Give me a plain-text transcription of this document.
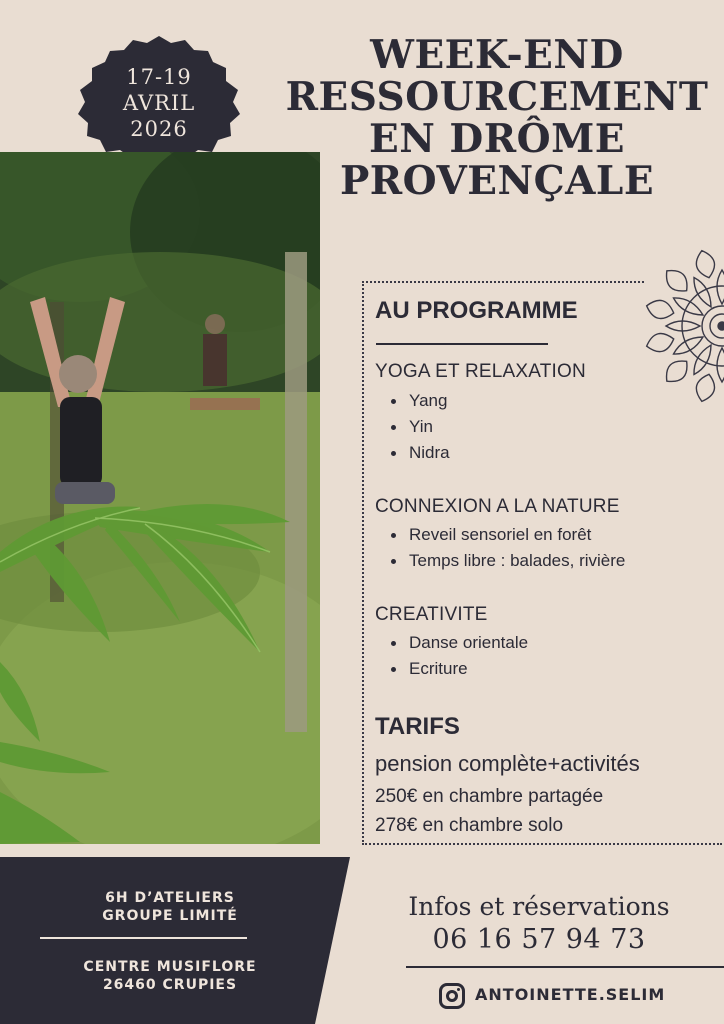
17-19
AVRIL
2026
WEEK-END
RESSOURCEMENT
EN DRÔME
PROVENÇALE
AU PROGRAMME
YOGA ET RELAXATION
Yang
Yin
Nidra
CONNEXION A LA NATURE
Reveil sensoriel en forêt
Temps libre : balades, rivière
CREATIVITE
Danse orientale
Ecriture
TARIFS
pension complète+activités
250€ en chambre partagée
278€ en chambre solo
6H D’ATELIERS
GROUPE LIMITÉ
CENTRE MUSIFLORE
26460 CRUPIES
Infos et réservations
06 16 57 94 73
ANTOINETTE.SELIM
